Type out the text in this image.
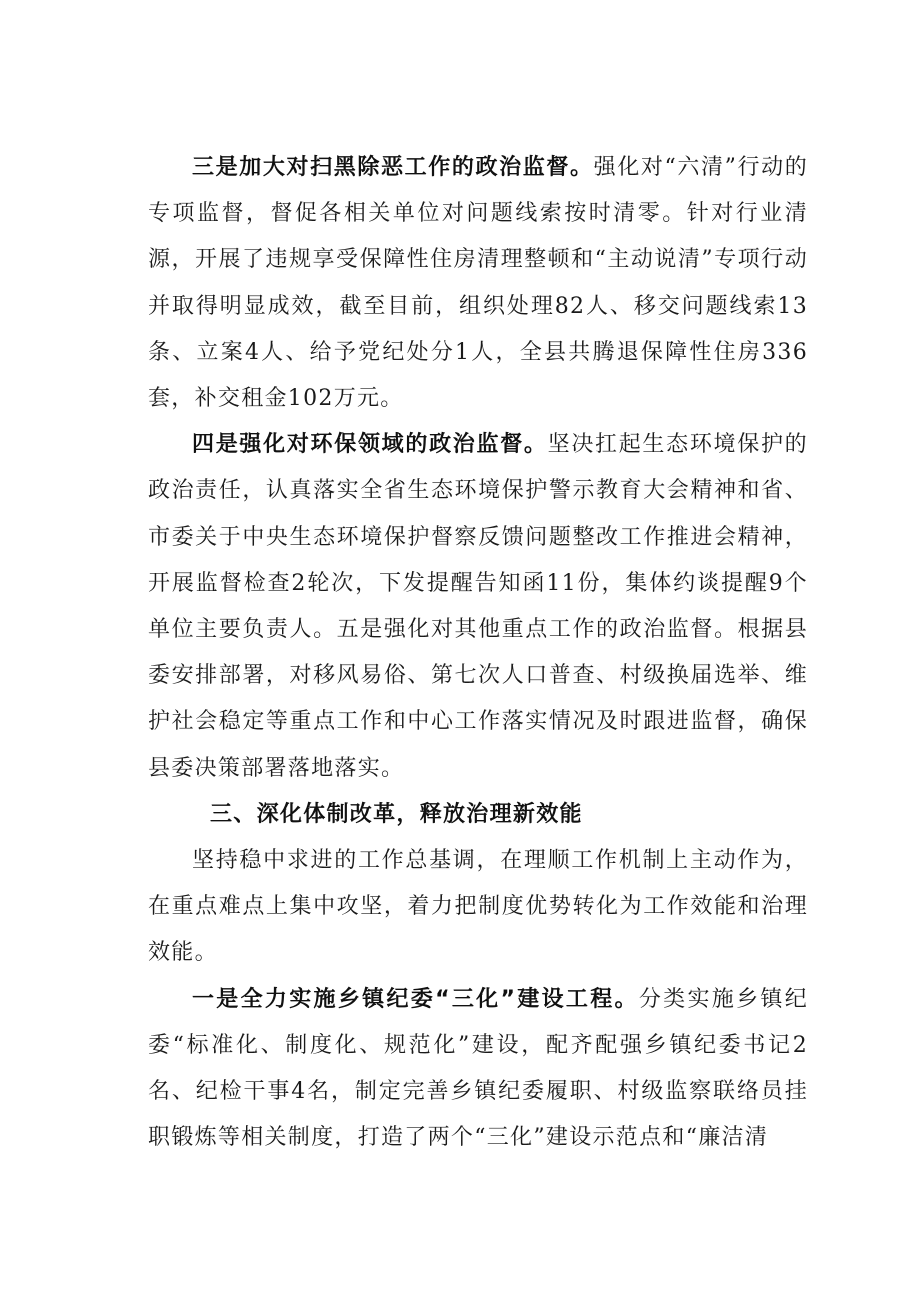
三是加大对扫黑除恶工作的政治监督。强化对“六清”行动的专项监督，督促各相关单位对问题线索按时清零。针对行业清源，开展了违规享受保障性住房清理整顿和“主动说清”专项行动并取得明显成效，截至目前，组织处理82人、移交问题线索13条、立案4人、给予党纪处分1人，全县共腾退保障性住房336套，补交租金102万元。

四是强化对环保领域的政治监督。坚决扛起生态环境保护的政治责任，认真落实全省生态环境保护警示教育大会精神和省、市委关于中央生态环境保护督察反馈问题整改工作推进会精神，开展监督检查2轮次，下发提醒告知函11份，集体约谈提醒9个单位主要负责人。五是强化对其他重点工作的政治监督。根据县委安排部署，对移风易俗、第七次人口普查、村级换届选举、维护社会稳定等重点工作和中心工作落实情况及时跟进监督，确保县委决策部署落地落实。

三、深化体制改革，释放治理新效能

坚持稳中求进的工作总基调，在理顺工作机制上主动作为，在重点难点上集中攻坚，着力把制度优势转化为工作效能和治理效能。

一是全力实施乡镇纪委“三化”建设工程。分类实施乡镇纪委“标准化、制度化、规范化”建设，配齐配强乡镇纪委书记2名、纪检干事4名，制定完善乡镇纪委履职、村级监察联络员挂职锻炼等相关制度，打造了两个“三化”建设示范点和“廉洁清
